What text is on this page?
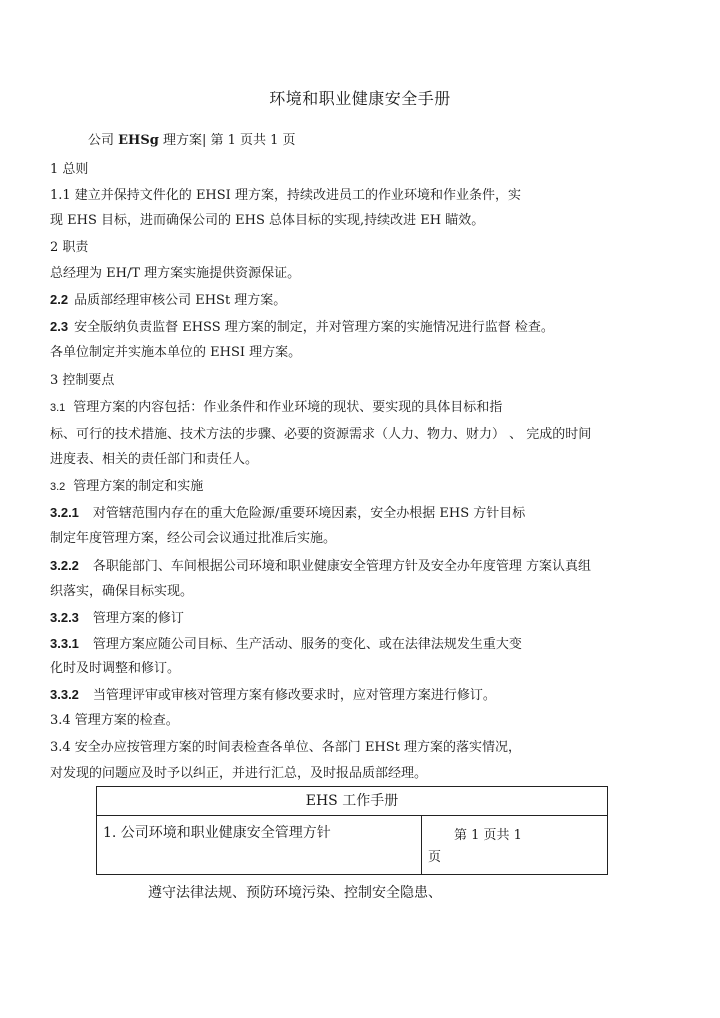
环境和职业健康安全手册
公司 EHSg 理方案| 第 1 页共 1 页
1 总则
1.1 建立并保持文件化的 EHSI 理方案，持续改进员工的作业环境和作业条件，实
现 EHS 目标，进而确保公司的 EHS 总体目标的实现,持续改进 EH 瞄效。
2 职责
总经理为 EH/T 理方案实施提供资源保证。
2.2 品质部经理审核公司 EHSt 理方案。
2.3 安全版纳负责监督 EHSS 理方案的制定，并对管理方案的实施情况进行监督 检查。
各单位制定并实施本单位的 EHSI 理方案。
3 控制要点
3.1 管理方案的内容包括：作业条件和作业环境的现状、要实现的具体目标和指
标、可行的技术措施、技术方法的步骤、必要的资源需求（人力、物力、财力） 、 完成的时间
进度表、相关的责任部门和责任人。
3.2 管理方案的制定和实施
3.2.1 对管辖范围内存在的重大危险源/重要环境因素，安全办根据 EHS 方针目标
制定年度管理方案，经公司会议通过批准后实施。
3.2.2 各职能部门、车间根据公司环境和职业健康安全管理方针及安全办年度管理 方案认真组
织落实，确保目标实现。
3.2.3 管理方案的修订
3.3.1 管理方案应随公司目标、生产活动、服务的变化、或在法律法规发生重大变
化时及时调整和修订。
3.3.2 当管理评审或审核对管理方案有修改要求时，应对管理方案进行修订。
3.4 管理方案的检查。
3.4 安全办应按管理方案的时间表检查各单位、各部门 EHSt 理方案的落实情况，
对发现的问题应及时予以纠正，并进行汇总，及时报品质部经理。
EHS 工作手册
1. 公司环境和职业健康安全管理方针	第 1 页共 1
页
遵守法律法规、预防环境污染、控制安全隐患、
